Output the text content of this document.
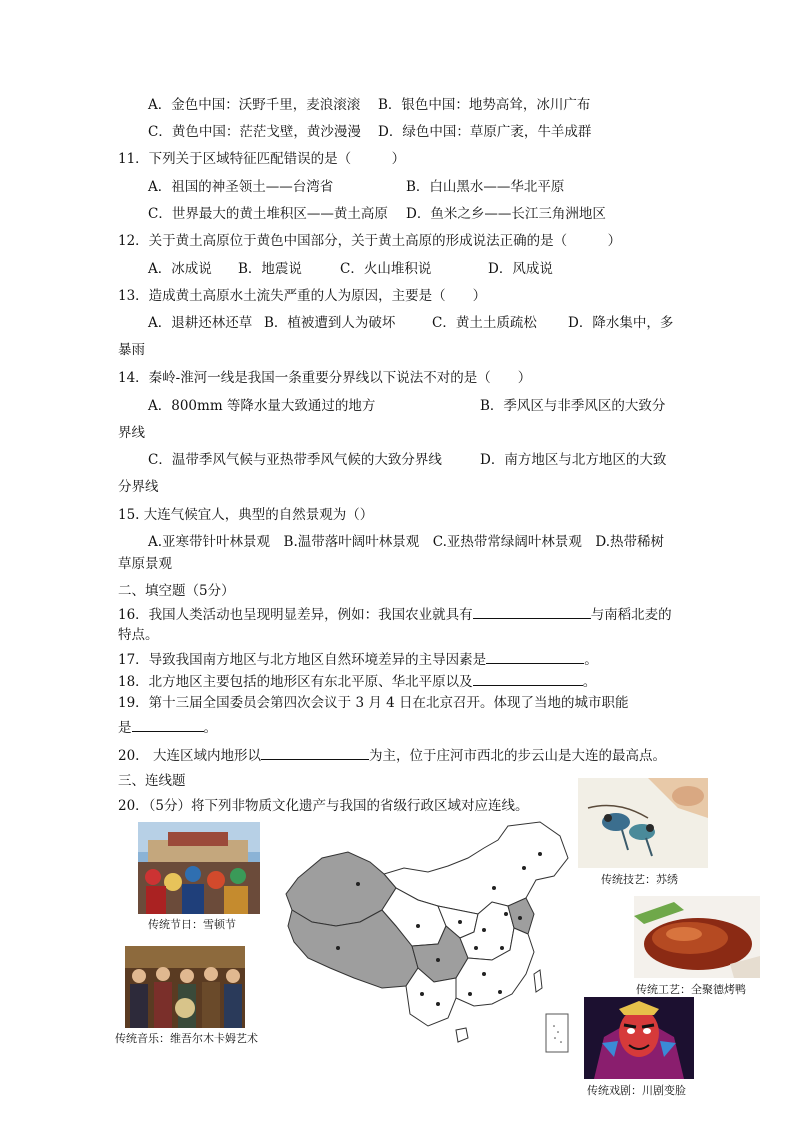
A．金色中国：沃野千里，麦浪滚滚 B．银色中国：地势高耸，冰川广布
C．黄色中国：茫茫戈壁，黄沙漫漫 D．绿色中国：草原广袤，牛羊成群
11．下列关于区域特征匹配错误的是（　　　）
A．祖国的神圣领土——台湾省	B．白山黑水——华北平原
C．世界最大的黄土堆积区——黄土高原 D．鱼米之乡——长江三角洲地区
12．关于黄土高原位于黄色中国部分，关于黄土高原的形成说法正确的是（　　　）
A．冰成说 B．地震说	C．火山堆积说	D．风成说
13．造成黄土高原水土流失严重的人为原因，主要是（　　）
A．退耕还林还草 B．植被遭到人为破坏	C．黄土土质疏松 D．降水集中，多
暴雨
14．秦岭-淮河一线是我国一条重要分界线以下说法不对的是（　　）
A．800mm 等降水量大致通过的地方	B．季风区与非季风区的大致分
界线
C．温带季风气候与亚热带季风气候的大致分界线	D．南方地区与北方地区的大致
分界线
15. 大连气候宜人，典型的自然景观为（）
A.亚寒带针叶林景观　B.温带落叶阔叶林景观　C.亚热带常绿阔叶林景观　D.热带稀树
草原景观
二、填空题（5分）
16．我国人类活动也呈现明显差异，例如：我国农业就具有	与南稻北麦的
特点。
17．导致我国南方地区与北方地区自然环境差异的主导因素是	。
18．北方地区主要包括的地形区有东北平原、华北平原以及	。
19．第十三届全国委员会第四次会议于 3 月 4 日在北京召开。体现了当地的城市职能
是	。
20.　大连区域内地形以	为主，位于庄河市西北的步云山是大连的最高点。
三、连线题
20．（5分）将下列非物质文化遗产与我国的省级行政区域对应连线。
传统节日：雪顿节
传统音乐：维吾尔木卡姆艺术
传统技艺：苏绣
传统工艺：全聚德烤鸭
传统戏剧：川剧变脸
